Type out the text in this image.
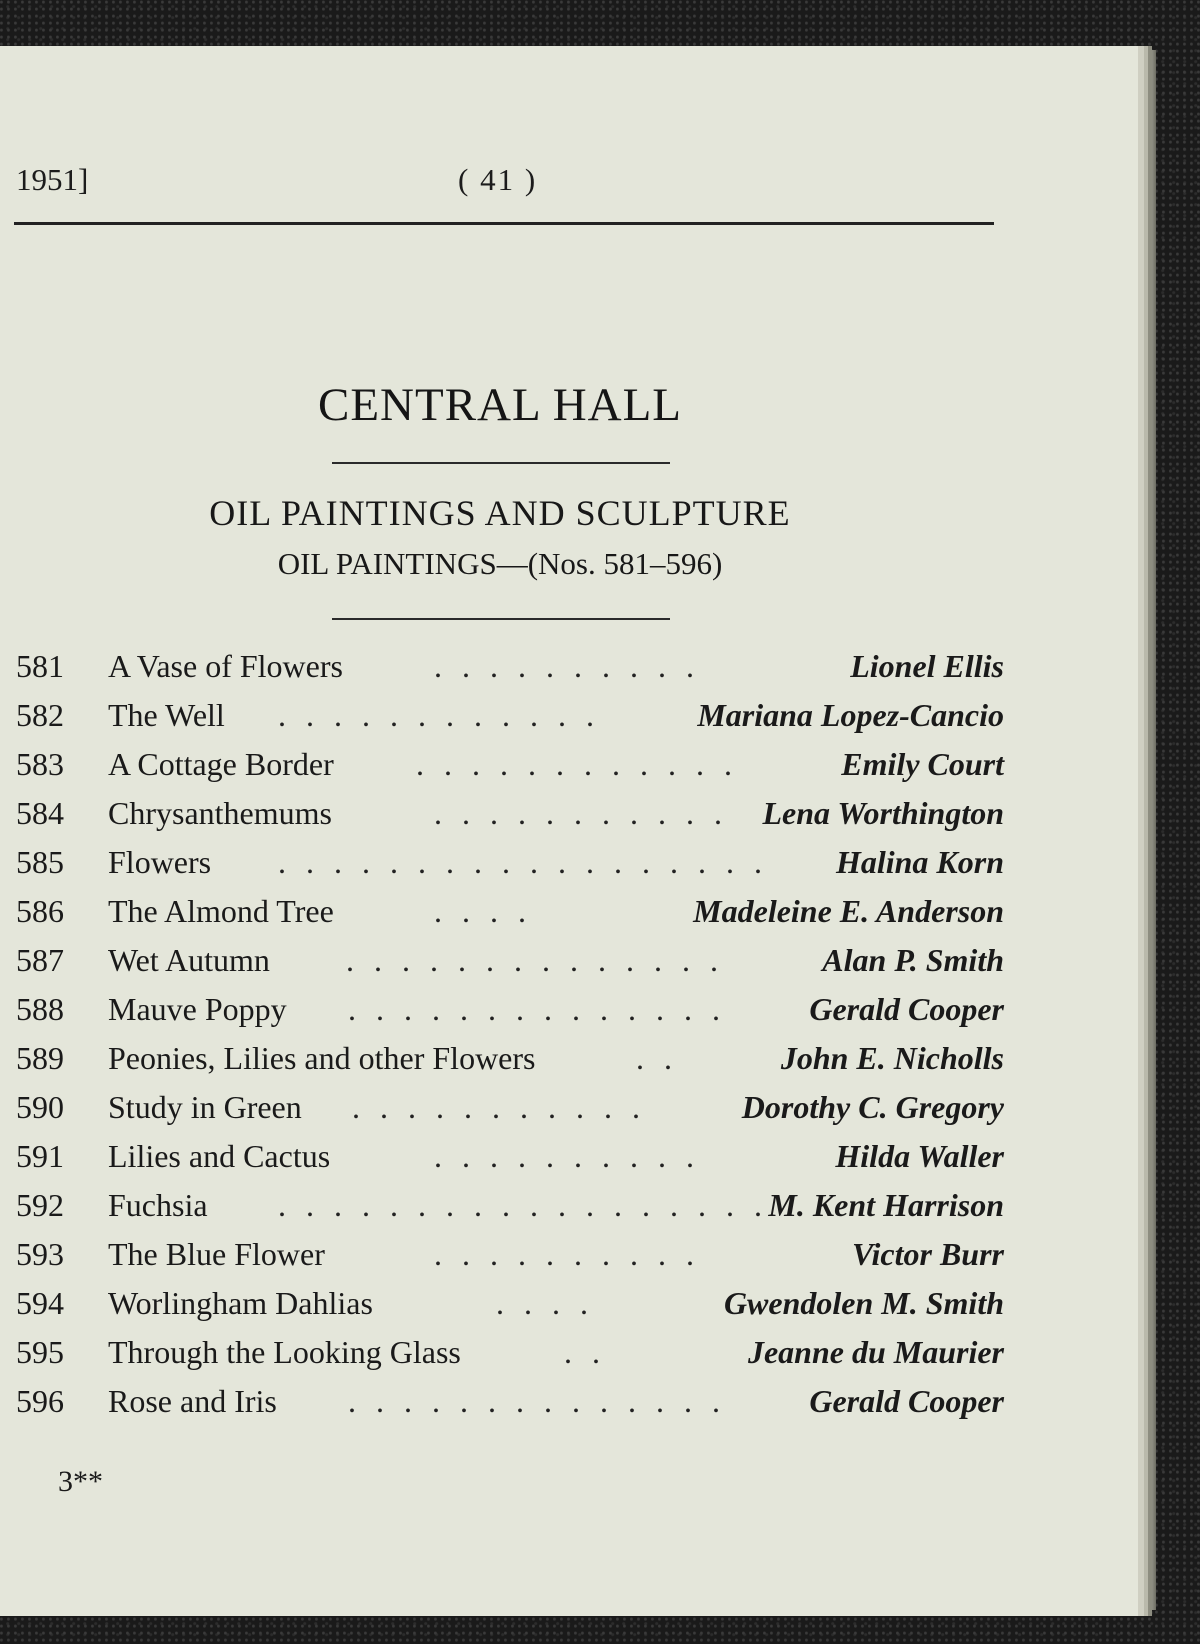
1951]	( 41 )
CENTRAL HALL
OIL PAINTINGS AND SCULPTURE
OIL PAINTINGS—(Nos. 581–596)
581 A Vase of Flowers	. . . . . . . . . .	Lionel Ellis
582 The Well . . . . . . . . . . . .	Mariana Lopez-Cancio
583 A Cottage Border	. . . . . . . . . . . .	Emily Court
584 Chrysanthemums	. . . . . . . . . . . Lena Worthington
585 Flowers . . . . . . . . . . . . . . . . . . Halina Korn
586 The Almond Tree	. . . .	Madeleine E. Anderson
587 Wet Autumn . . . . . . . . . . . . . .	Alan P. Smith
588 Mauve Poppy . . . . . . . . . . . . . .	Gerald Cooper
589 Peonies, Lilies and other Flowers	. .	John E. Nicholls
590 Study in Green . . . . . . . . . . .	Dorothy C. Gregory
591 Lilies and Cactus	. . . . . . . . . .	Hilda Waller
592 Fuchsia . . . . . . . . . . . . . . . . . . M. Kent Harrison
593 The Blue Flower	. . . . . . . . . .	Victor Burr
594 Worlingham Dahlias	. . . .	Gwendolen M. Smith
595 Through the Looking Glass	. .	Jeanne du Maurier
596 Rose and Iris . . . . . . . . . . . . . .	Gerald Cooper
3**
